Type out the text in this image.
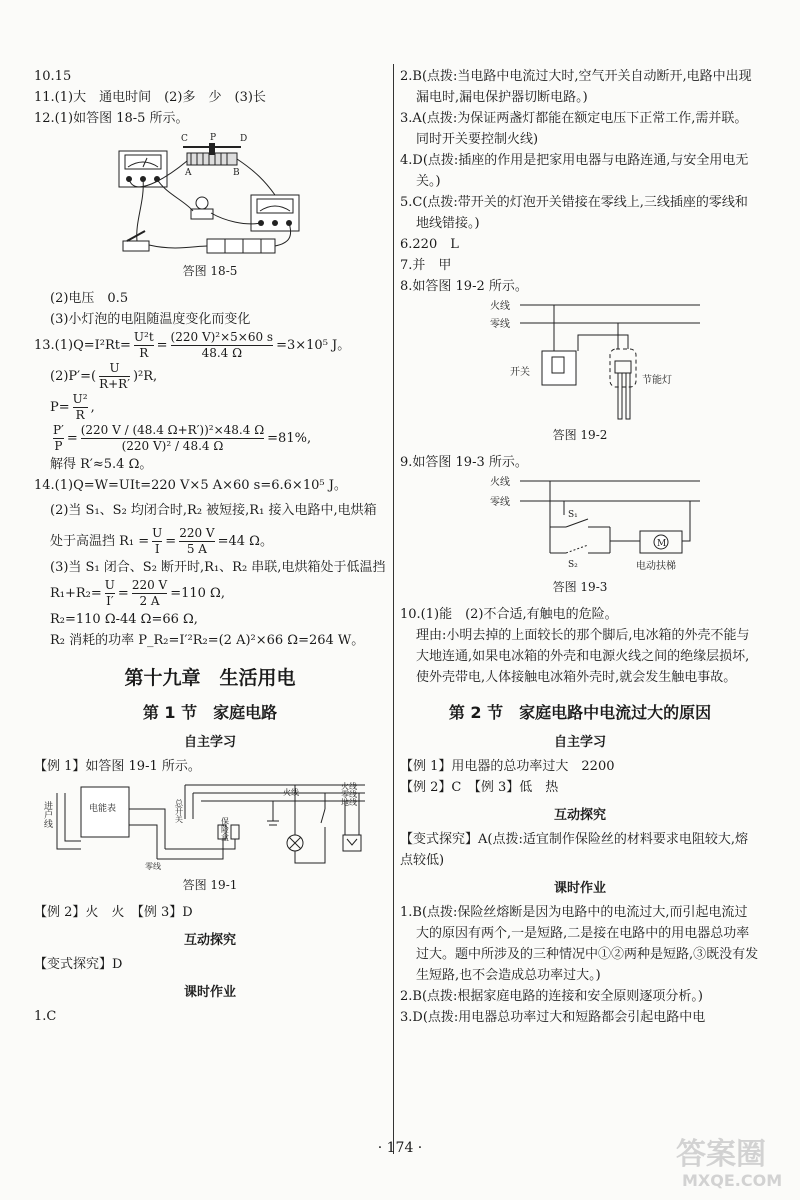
10.15

11.(1)大　通电时间　(2)多　少　(3)长

12.(1)如答图 18-5 所示。

C P	D
A	B

答图 18-5

(2)电压　0.5

(3)小灯泡的电阻随温度变化而变化

$13.(1)Q=I^2Rt= \frac{\text{U²t}}{R} = \frac{\text{(220 V)²×5×60 s}}{48.4 \Omega} =3\times 10^5$ J。

$(2)P'=( \frac{U}{R+R'} )^2R$,

$P= \frac{\text{U²}}{R}$ ,

$\frac{P'}{P} = \frac{\text{(220 V / (48.4 Ω+R′))²×48.4 Ω}}{\text{(220 V)² / 48.4 Ω}} =81\%$,

解得 R′≈5.4 Ω。

14.(1)Q=W=UIt=220 V×5 A×60 s=6.6×10⁵ J。

(2)当 S₁、S₂ 均闭合时,R₂ 被短接,R₁ 接入电路中,电烘箱处于高温挡 $R_1 = \frac{U}{I} = \frac{220 V}{5 A} =44$ Ω。

(3)当 S₁ 闭合、S₂ 断开时,R₁、R₂ 串联,电烘箱处于低温挡

$R_1+R_2= \frac{U}{I'} = \frac{220 V}{2 A} =110$ Ω,

R₂=110 Ω-44 Ω=66 Ω,

R₂ 消耗的功率 P_R₂=I′²R₂=(2 A)²×66 Ω=264 W。

第十九章　生活用电
第 1 节　家庭电路
自主学习

【例 1】如答图 19-1 所示。

进户线	电能表	总开关
保险盒
火线
火线
零线
地线
零线

答图 19-1

【例 2】火　火　【例 3】D

互动探究

【变式探究】D

课时作业

1.C

2.B(点拨:当电路中电流过大时,空气开关自动断开,电路中出现漏电时,漏电保护器切断电路。)

3.A(点拨:为保证两盏灯都能在额定电压下正常工作,需并联。同时开关要控制火线)

4.D(点拨:插座的作用是把家用电器与电路连通,与安全用电无关。)

5.C(点拨:带开关的灯泡开关错接在零线上,三线插座的零线和地线错接。)

6.220　L

7.并　甲

8.如答图 19-2 所示。

火线
零线
开关
节能灯

答图 19-2

9.如答图 19-3 所示。

火线
零线
M
S₁
S₂	电动扶梯

答图 19-3

10.(1)能　(2)不合适,有触电的危险。

理由:小明去掉的上面较长的那个脚后,电冰箱的外壳不能与大地连通,如果电冰箱的外壳和电源火线之间的绝缘层损坏,使外壳带电,人体接触电冰箱外壳时,就会发生触电事故。

第 2 节　家庭电路中电流过大的原因
自主学习

【例 1】用电器的总功率过大　2200

【例 2】C　【例 3】低　热

互动探究

【变式探究】A(点拨:适宜制作保险丝的材料要求电阻较大,熔点较低)

课时作业

1.B(点拨:保险丝熔断是因为电路中的电流过大,而引起电流过大的原因有两个,一是短路,二是接在电路中的用电器总功率过大。题中所涉及的三种情况中①②两种是短路,③既没有发生短路,也不会造成总功率过大。)

2.B(点拨:根据家庭电路的连接和安全原则逐项分析。)

3.D(点拨:用电器总功率过大和短路都会引起电路中电

· 174 ·	答案圈
MXQE.COM
